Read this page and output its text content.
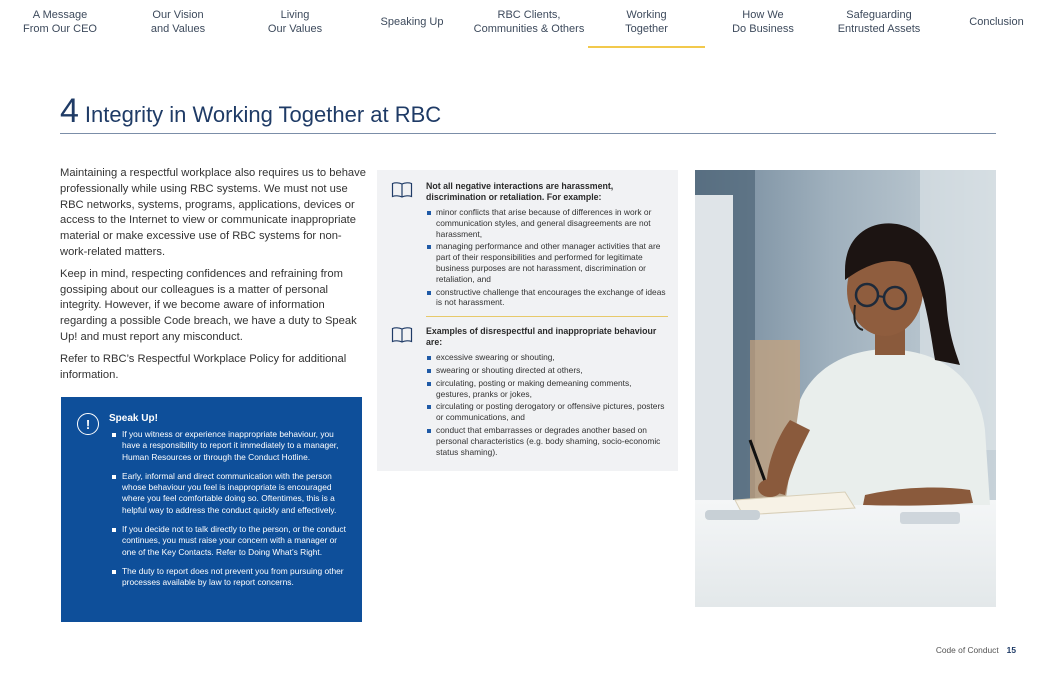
A Message
From Our CEO
Our Vision
and Values
Living
Our Values
Speaking Up
RBC Clients,
Communities & Others
Working
Together
How We
Do Business
Safeguarding
Entrusted Assets
Conclusion
4 Integrity in Working Together at RBC

Maintaining a respectful workplace also requires us to behave professionally while using RBC systems. We must not use RBC networks, systems, programs, applications, devices or access to the Internet to view or communicate inappropriate material or make excessive use of RBC systems for non-work-related matters.

Keep in mind, respecting confidences and refraining from gossiping about our colleagues is a matter of personal integrity. However, if we become aware of information regarding a possible Code breach, we have a duty to Speak Up! and must report any misconduct.

Refer to RBC’s Respectful Workplace Policy for additional information.

!	Speak Up!
If you witness or experience inappropriate behaviour, you have a responsibility to report it immediately to a manager, Human Resources or through the Conduct Hotline.
Early, informal and direct communication with the person whose behaviour you feel is inappropriate is encouraged where you feel comfortable doing so. Oftentimes, this is a helpful way to address the conduct quickly and effectively.
If you decide not to talk directly to the person, or the conduct continues, you must raise your concern with a manager or one of the Key Contacts. Refer to Doing What’s Right.
The duty to report does not prevent you from pursuing other processes available by law to report concerns.
Not all negative interactions are harassment, discrimination or retaliation. For example:
minor conflicts that arise because of differences in work or communication styles, and general disagreements are not harassment,
managing performance and other manager activities that are part of their responsibilities and performed for legitimate business purposes are not harassment, discrimination or retaliation, and
constructive challenge that encourages the exchange of ideas is not harassment.
Examples of disrespectful and inappropriate behaviour are:
excessive swearing or shouting,
swearing or shouting directed at others,
circulating, posting or making demeaning comments, gestures, pranks or jokes,
circulating or posting derogatory or offensive pictures, posters or communications, and
conduct that embarrasses or degrades another based on personal characteristics (e.g. body shaming, socio-economic status shaming).
Code of Conduct 15
